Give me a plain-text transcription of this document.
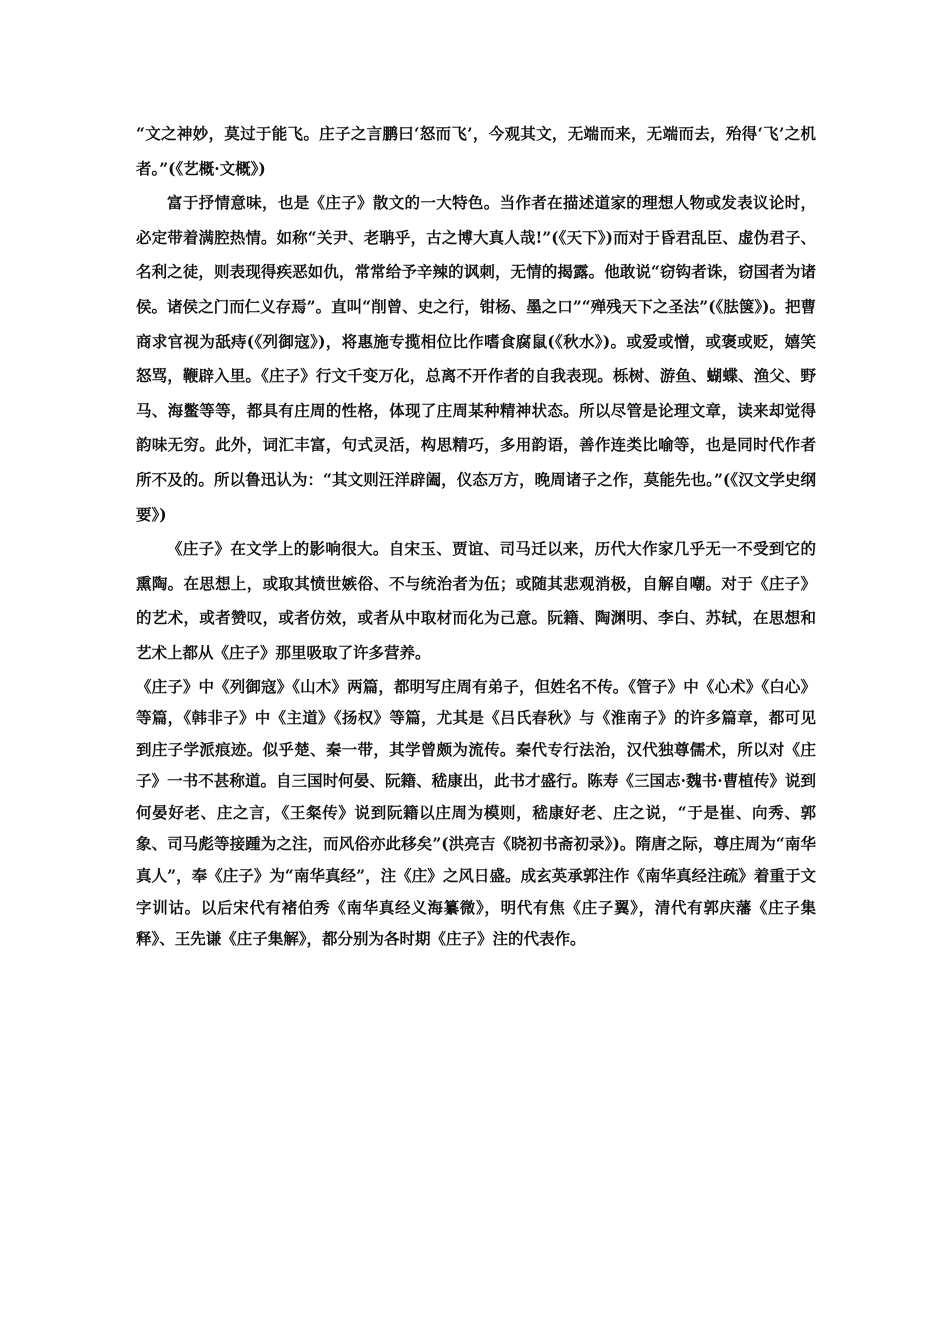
“文之神妙，莫过于能飞。庄子之言鹏曰‘怒而飞’，今观其文，无端而来，无端而去，殆得‘飞’之机者。”(《艺概·文概》)

富于抒情意味，也是《庄子》散文的一大特色。当作者在描述道家的理想人物或发表议论时，必定带着满腔热情。如称“关尹、老聃乎，古之博大真人哉!”(《天下》)而对于昏君乱臣、虚伪君子、名利之徒，则表现得疾恶如仇，常常给予辛辣的讽刺，无情的揭露。他敢说“窃钩者诛，窃国者为诸侯。诸侯之门而仁义存焉”。直叫“削曾、史之行，钳杨、墨之口”“殚残天下之圣法”(《胠箧》)。把曹商求官视为舐痔(《列御寇》)，将惠施专揽相位比作嗜食腐鼠(《秋水》)。或爱或憎，或褒或贬，嬉笑怒骂，鞭辟入里。《庄子》行文千变万化，总离不开作者的自我表现。栎树、游鱼、蝴蝶、渔父、野马、海鳖等等，都具有庄周的性格，体现了庄周某种精神状态。所以尽管是论理文章，读来却觉得韵味无穷。此外，词汇丰富，句式灵活，构思精巧，多用韵语，善作连类比喻等，也是同时代作者所不及的。所以鲁迅认为：“其文则汪洋辟阖，仪态万方，晚周诸子之作，莫能先也。”(《汉文学史纲要》)

《庄子》在文学上的影响很大。自宋玉、贾谊、司马迁以来，历代大作家几乎无一不受到它的熏陶。在思想上，或取其愤世嫉俗、不与统治者为伍；或随其悲观消极，自解自嘲。对于《庄子》的艺术，或者赞叹，或者仿效，或者从中取材而化为己意。阮籍、陶渊明、李白、苏轼，在思想和艺术上都从《庄子》那里吸取了许多营养。

《庄子》中《列御寇》《山木》两篇，都明写庄周有弟子，但姓名不传。《管子》中《心术》《白心》等篇，《韩非子》中《主道》《扬权》等篇，尤其是《吕氏春秋》与《淮南子》的许多篇章，都可见到庄子学派痕迹。似乎楚、秦一带，其学曾颇为流传。秦代专行法治，汉代独尊儒术，所以对《庄子》一书不甚称道。自三国时何晏、阮籍、嵇康出，此书才盛行。陈寿《三国志·魏书·曹植传》说到何晏好老、庄之言，《王粲传》说到阮籍以庄周为模则，嵇康好老、庄之说，“于是崔、向秀、郭象、司马彪等接踵为之注，而风俗亦此移矣”(洪亮吉《晓初书斋初录》)。隋唐之际，尊庄周为“南华真人”，奉《庄子》为“南华真经”，注《庄》之风日盛。成玄英承郭注作《南华真经注疏》着重于文字训诂。以后宋代有褚伯秀《南华真经义海纂微》，明代有焦《庄子翼》，清代有郭庆藩《庄子集释》、王先谦《庄子集解》，都分别为各时期《庄子》注的代表作。
